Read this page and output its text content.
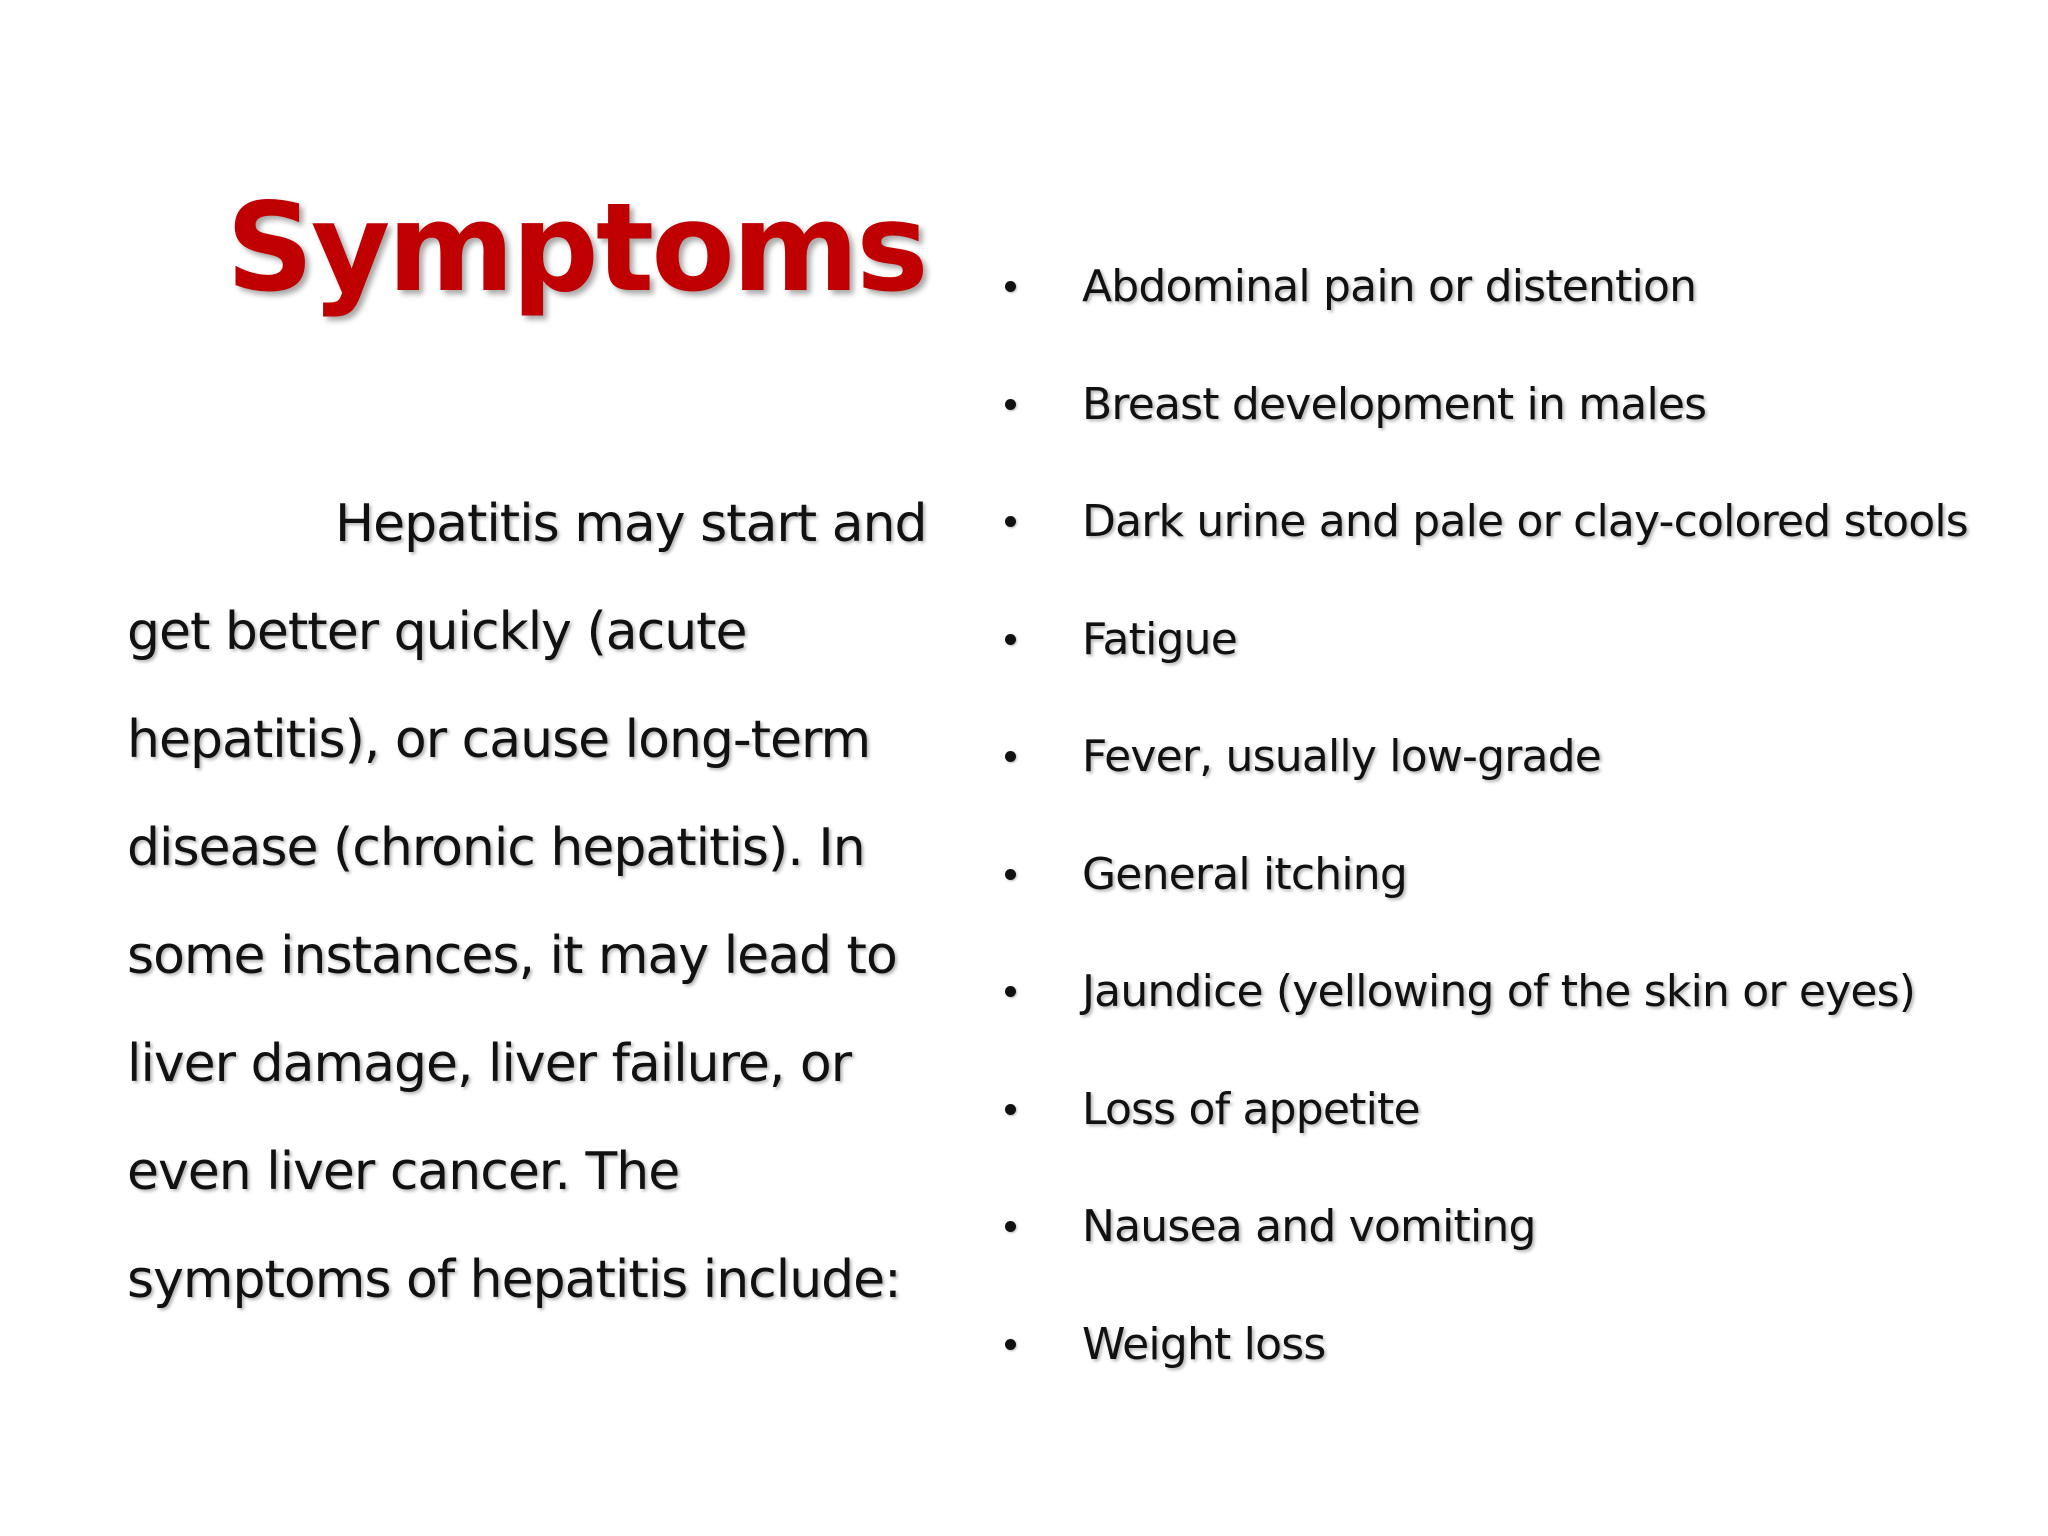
Symptoms

Hepatitis may start and get better quickly (acute hepatitis), or cause long-term disease (chronic hepatitis). In some instances, it may lead to liver damage, liver failure, or even liver cancer. The symptoms of hepatitis include:

Abdominal pain or distention
Breast development in males
Dark urine and pale or clay-colored stools
Fatigue
Fever, usually low-grade
General itching
Jaundice (yellowing of the skin or eyes)
Loss of appetite
Nausea and vomiting
Weight loss
